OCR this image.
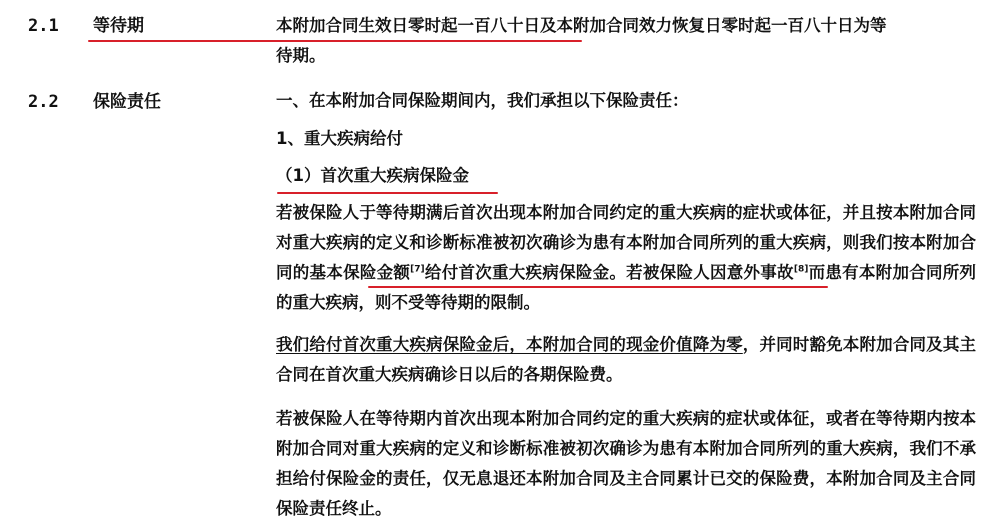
2.1 等待期	本附加合同生效日零时起一百八十日及本附加合同效力恢复日零时起一百八十日为等
待期。
2.2 保险责任	一、在本附加合同保险期间内，我们承担以下保险责任：
1、重大疾病给付
（1）首次重大疾病保险金

若被保险人于等待期满后首次出现本附加合同约定的重大疾病的症状或体征，并且按本附加合同对重大疾病的定义和诊断标准被初次确诊为患有本附加合同所列的重大疾病，则我们按本附加合同的基本保险金额[7]给付首次重大疾病保险金。若被保险人因意外事故[8]而患有本附加合同所列的重大疾病，则不受等待期的限制。

我们给付首次重大疾病保险金后，本附加合同的现金价值降为零，并同时豁免本附加合同及其主合同在首次重大疾病确诊日以后的各期保险费。

若被保险人在等待期内首次出现本附加合同约定的重大疾病的症状或体征，或者在等待期内按本附加合同对重大疾病的定义和诊断标准被初次确诊为患有本附加合同所列的重大疾病，我们不承担给付保险金的责任，仅无息退还本附加合同及主合同累计已交的保险费，本附加合同及主合同保险责任终止。
